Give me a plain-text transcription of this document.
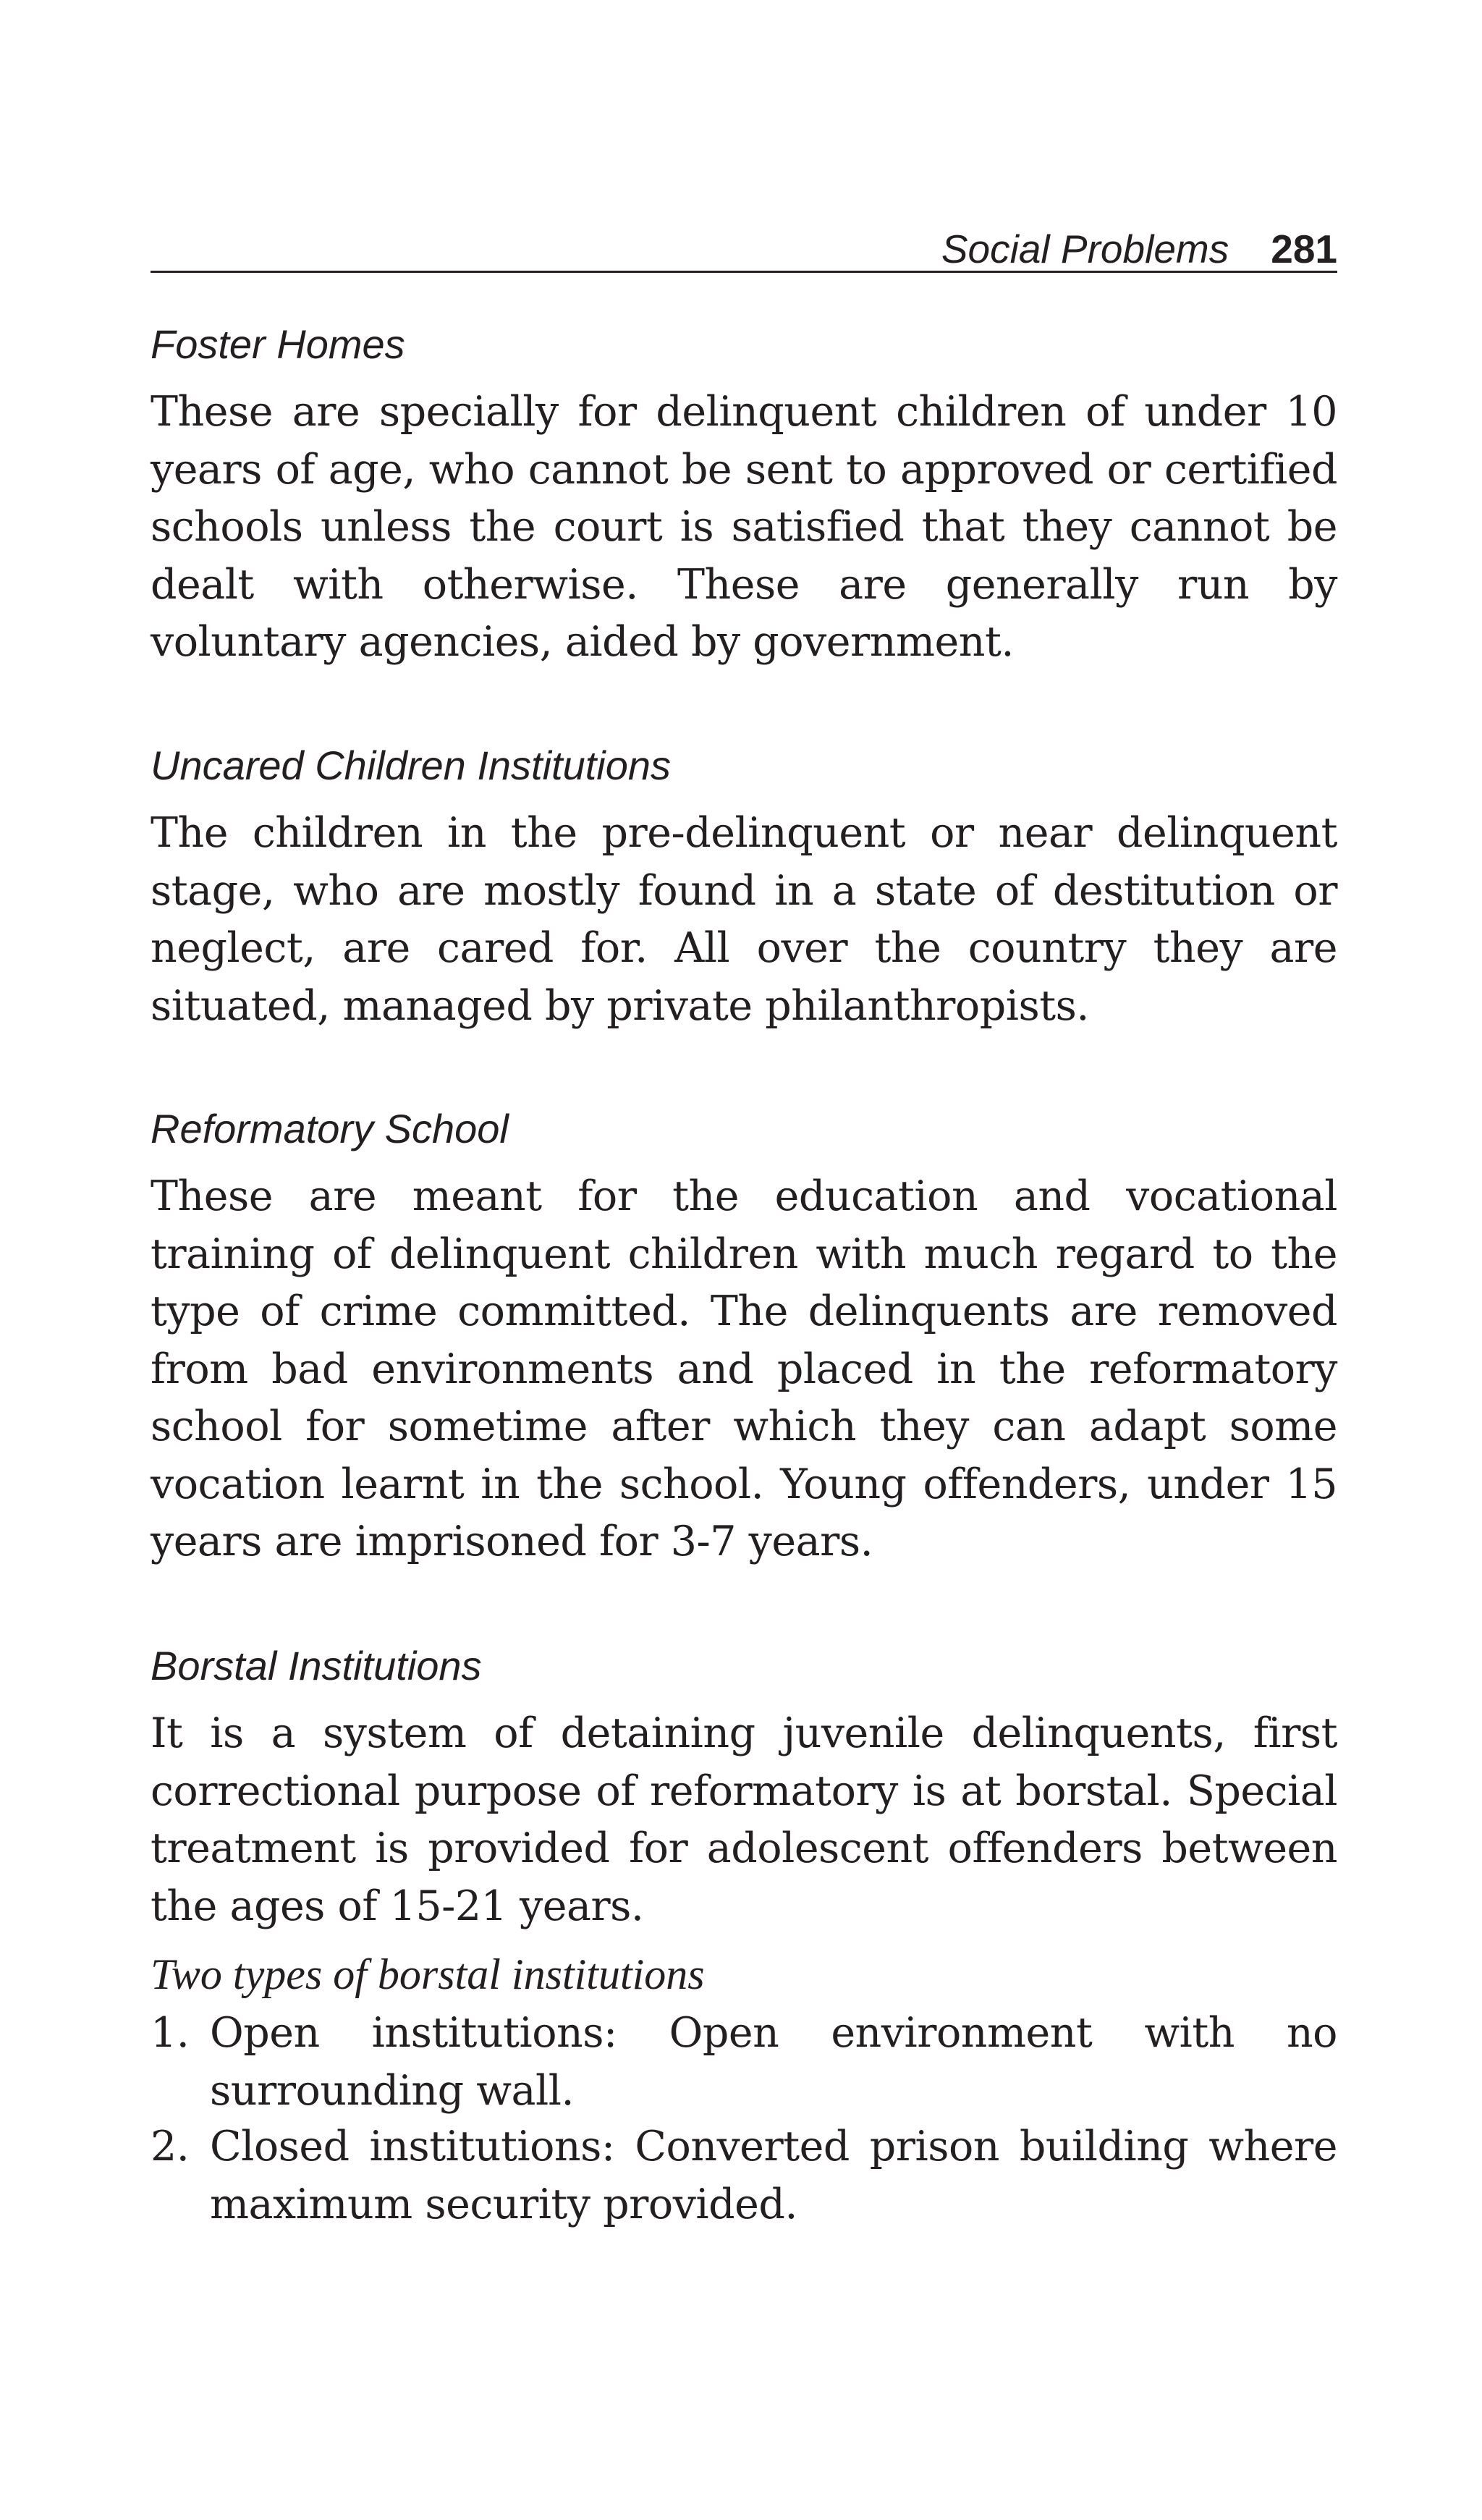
Social Problems 281
Foster Homes

These are specially for delinquent children of under 10 years of age, who cannot be sent to approved or certified schools unless the court is satisfied that they cannot be dealt with otherwise. These are generally run by voluntary agencies, aided by government.

Uncared Children Institutions

The children in the pre-delinquent or near delinquent stage, who are mostly found in a state of destitution or neglect, are cared for. All over the country they are situated, managed by private philanthropists.

Reformatory School

These are meant for the education and vocational training of delinquent children with much regard to the type of crime committed. The delinquents are removed from bad environments and placed in the reformatory school for sometime after which they can adapt some vocation learnt in the school. Young offenders, under 15 years are imprisoned for 3-7 years.

Borstal Institutions

It is a system of detaining juvenile delinquents, first correctional purpose of reformatory is at borstal. Special treatment is provided for adolescent offenders between the ages of 15-21 years.

Two types of borstal institutions
1. Open institutions: Open environment with no surrounding wall.
2. Closed institutions: Converted prison building where maximum security provided.
